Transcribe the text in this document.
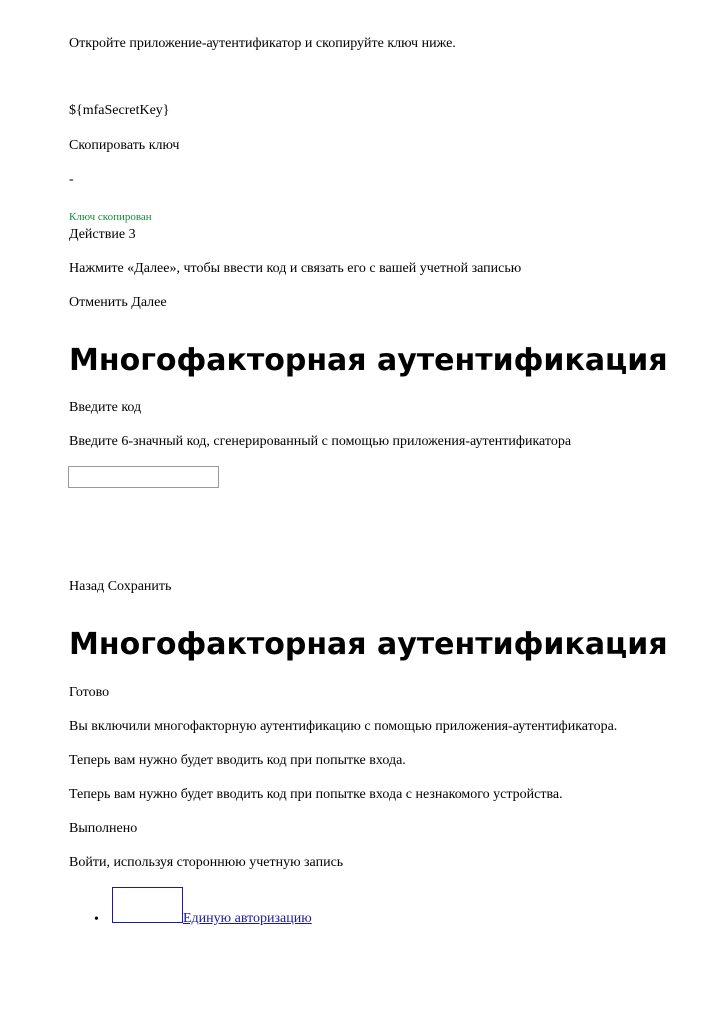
Откройте приложение-аутентификатор и скопируйте ключ ниже.
${mfaSecretKey}
Скопировать ключ
-
Ключ скопирован
Действие 3
Нажмите «Далее», чтобы ввести код и связать его с вашей учетной записью
Отменить Далее
Многофакторная аутентификация
Введите код
Введите 6-значный код, сгенерированный с помощью приложения-аутентификатора
Назад Сохранить
Многофакторная аутентификация
Готово
Вы включили многофакторную аутентификацию с помощью приложения-аутентификатора.
Теперь вам нужно будет вводить код при попытке входа.
Теперь вам нужно будет вводить код при попытке входа с незнакомого устройства.
Выполнено
Войти, используя стороннюю учетную запись
•	Единую авторизацию
